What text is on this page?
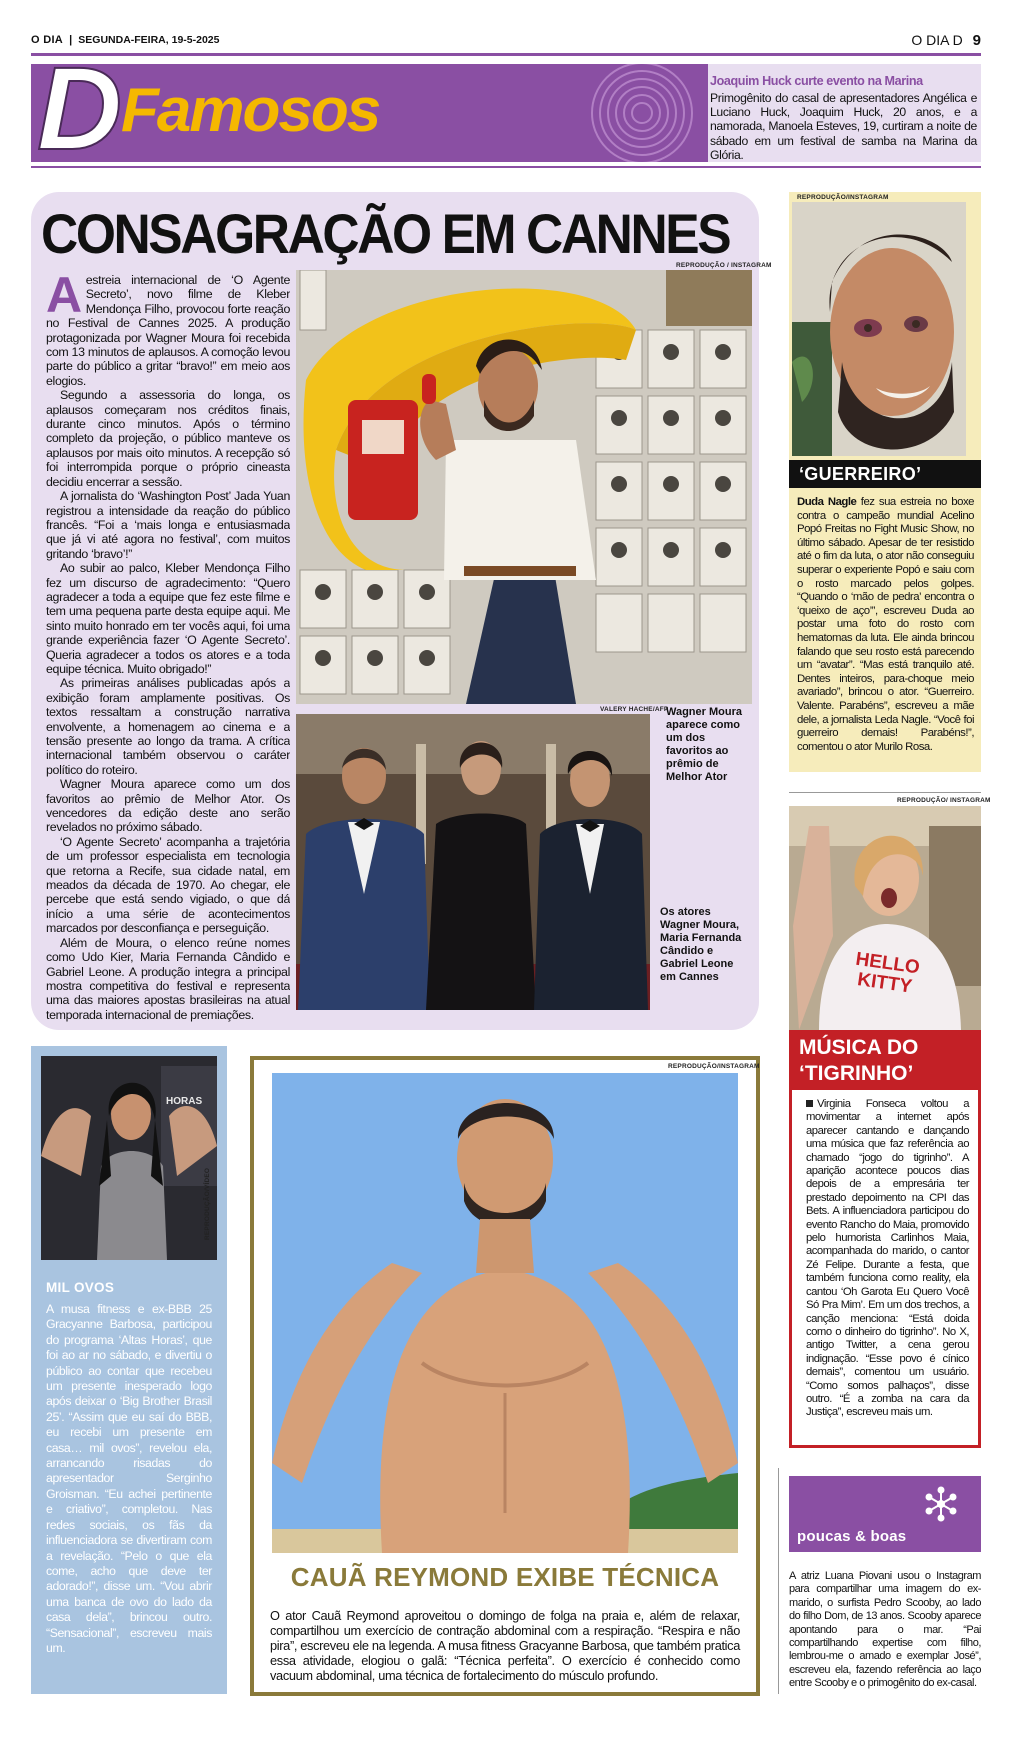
O DIA | SEGUNDA-FEIRA, 19-5-2025	O DIA D 9
D
Famosos	Joaquim Huck curte evento na Marina
Primogênito do casal de apresentadores Angélica e Luciano Huck, Joaquim Huck, 20 anos, e a namorada, Manoela Esteves, 19, curtiram a noite de sábado em um festival de samba na Marina da Glória.
CONSAGRAÇÃO EM CANNES
A estreia internacional de ‘O Agente Secreto’, novo filme de Kleber Mendonça Filho, provocou forte reação no Festival de Cannes 2025. A produção protagonizada por Wagner Moura foi recebida com 13 minutos de aplausos. A comoção levou parte do público a gritar “bravo!” em meio aos elogios.

Segundo a assessoria do longa, os aplausos começaram nos créditos finais, durante cinco minutos. Após o término completo da projeção, o público manteve os aplausos por mais oito minutos. A recepção só foi interrompida porque o próprio cineasta decidiu encerrar a sessão.

A jornalista do ‘Washington Post’ Jada Yuan registrou a intensidade da reação do público francês. “Foi a ‘mais longa e entusiasmada que já vi até agora no festival’, com muitos gritando ‘bravo’!”

Ao subir ao palco, Kleber Mendonça Filho fez um discurso de agradecimento: “Quero agradecer a toda a equipe que fez este filme e tem uma pequena parte desta equipe aqui. Me sinto muito honrado em ter vocês aqui, foi uma grande experiência fazer ‘O Agente Secreto’. Queria agradecer a todos os atores e a toda equipe técnica. Muito obrigado!”

As primeiras análises publicadas após a exibição foram amplamente positivas. Os textos ressaltam a construção narrativa envolvente, a homenagem ao cinema e a tensão presente ao longo da trama. A crítica internacional também observou o caráter político do roteiro.

Wagner Moura aparece como um dos favoritos ao prêmio de Melhor Ator. Os vencedores da edição deste ano serão revelados no próximo sábado.

‘O Agente Secreto’ acompanha a trajetória de um professor especialista em tecnologia que retorna a Recife, sua cidade natal, em meados da década de 1970. Ao chegar, ele percebe que está sendo vigiado, o que dá início a uma série de acontecimentos marcados por desconfiança e perseguição.

Além de Moura, o elenco reúne nomes como Udo Kier, Maria Fernanda Cândido e Gabriel Leone. A produção integra a principal mostra competitiva do festival e representa uma das maiores apostas brasileiras na atual temporada internacional de premiações.

REPRODUÇÃO / INSTAGRAM
VALERY HACHE/AFP
Wagner Moura aparece como um dos favoritos ao prêmio de Melhor Ator
Os atores Wagner Moura, Maria Fernanda Cândido e Gabriel Leone em Cannes
REPRODUÇÃO/INSTAGRAM
‘GUERREIRO’
Duda Nagle fez sua estreia no boxe contra o campeão mundial Acelino Popó Freitas no Fight Music Show, no último sábado. Apesar de ter resistido até o fim da luta, o ator não conseguiu superar o experiente Popó e saiu com o rosto marcado pelos golpes. “Quando o ‘mão de pedra’ encontra o ‘queixo de aço’”, escreveu Duda ao postar uma foto do rosto com hematomas da luta. Ele ainda brincou falando que seu rosto está parecendo um “avatar”. “Mas está tranquilo até. Dentes inteiros, para-choque meio avariado”, brincou o ator. “Guerreiro. Valente. Parabéns”, escreveu a mãe dele, a jornalista Leda Nagle. “Você foi guerreiro demais! Parabéns!”, comentou o ator Murilo Rosa.
REPRODUÇÃO/ INSTAGRAM
HELLO KITTY
MÚSICA DO
‘TIGRINHO’
Virginia Fonseca voltou a movimentar a internet após aparecer cantando e dançando uma música que faz referência ao chamado “jogo do tigrinho”. A aparição acontece poucos dias depois de a empresária ter prestado depoimento na CPI das Bets. A influenciadora participou do evento Rancho do Maia, promovido pelo humorista Carlinhos Maia, acompanhada do marido, o cantor Zé Felipe. Durante a festa, que também funciona como reality, ela cantou ‘Oh Garota Eu Quero Você Só Pra Mim’. Em um dos trechos, a canção menciona: “Está doida como o dinheiro do tigrinho”. No X, antigo Twitter, a cena gerou indignação. “Esse povo é cínico demais”, comentou um usuário. “Como somos palhaços”, disse outro. “É a zomba na cara da Justiça”, escreveu mais um.
HORAS
REPRODUÇÃO/VÍDEO
MIL OVOS
A musa fitness e ex-BBB 25 Gracyanne Barbosa, participou do programa ‘Altas Horas’, que foi ao ar no sábado, e divertiu o público ao contar que recebeu um presente inesperado logo após deixar o ‘Big Brother Brasil 25’. “Assim que eu saí do BBB, eu recebi um presente em casa… mil ovos”, revelou ela, arrancando risadas do apresentador Serginho Groisman. “Eu achei pertinente e criativo”, completou. Nas redes sociais, os fãs da influenciadora se divertiram com a revelação. “Pelo o que ela come, acho que deve ter adorado!”, disse um. “Vou abrir uma banca de ovo do lado da casa dela”, brincou outro. “Sensacional”, escreveu mais um.
REPRODUÇÃO/INSTAGRAM
CAUÃ REYMOND EXIBE TÉCNICA
O ator Cauã Reymond aproveitou o domingo de folga na praia e, além de relaxar, compartilhou um exercício de contração abdominal com a respiração. “Respira e não pira”, escreveu ele na legenda. A musa fitness Gracyanne Barbosa, que também pratica essa atividade, elogiou o galã: “Técnica perfeita”. O exercício é conhecido como vacuum abdominal, uma técnica de fortalecimento do músculo profundo.
poucas & boas
A atriz Luana Piovani usou o Instagram para compartilhar uma imagem do ex-marido, o surfista Pedro Scooby, ao lado do filho Dom, de 13 anos. Scooby aparece apontando para o mar. “Pai compartilhando expertise com filho, lembrou-me o amado e exemplar José”, escreveu ela, fazendo referência ao laço entre Scooby e o primogênito do ex-casal.
